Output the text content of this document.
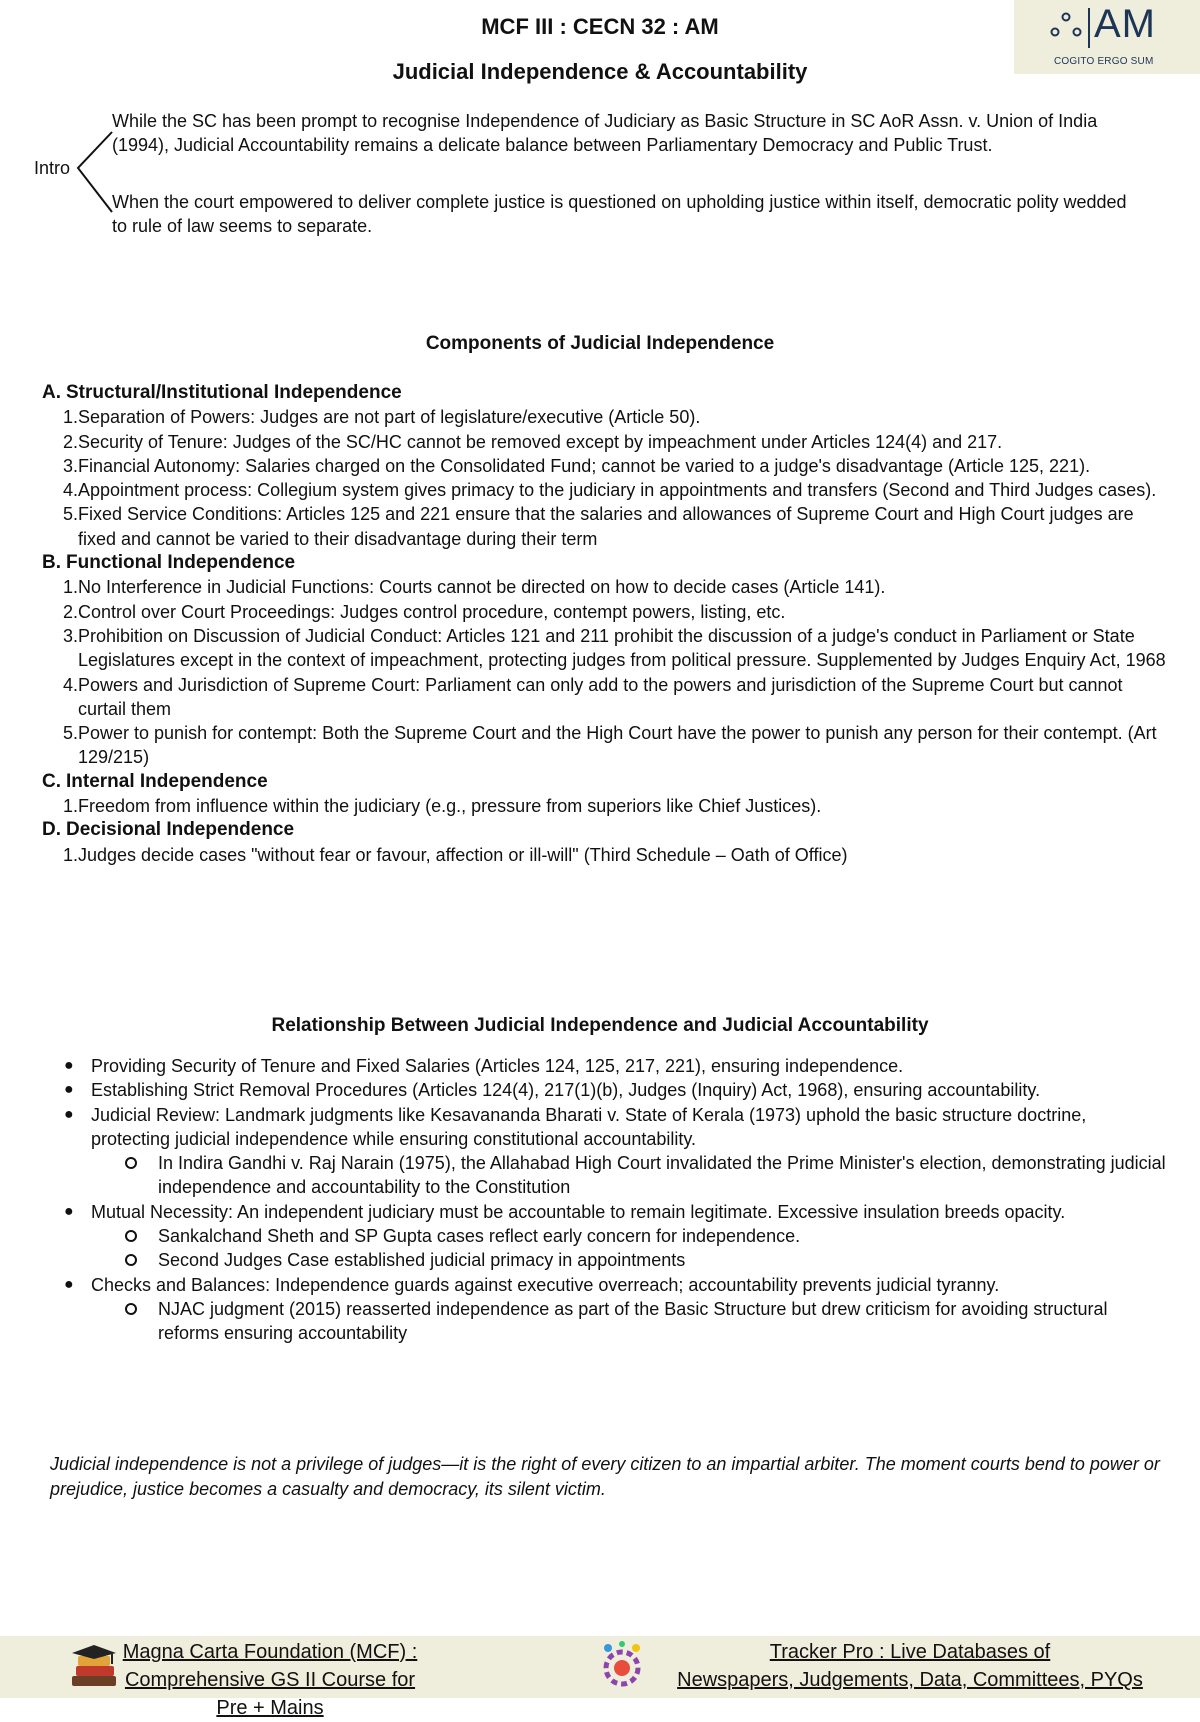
AM
COGITO ERGO SUM
MCF III : CECN 32 : AM
Judicial Independence & Accountability
Intro
While the SC has been prompt to recognise Independence of Judiciary as Basic Structure in SC AoR Assn. v. Union of India (1994), Judicial Accountability remains a delicate balance between Parliamentary Democracy and Public Trust.
When the court empowered to deliver complete justice is questioned on upholding justice within itself, democratic polity wedded to rule of law seems to separate.
Components of Judicial Independence
A. Structural/Institutional Independence
1. Separation of Powers: Judges are not part of legislature/executive (Article 50).
2. Security of Tenure: Judges of the SC/HC cannot be removed except by impeachment under Articles 124(4) and 217.
3. Financial Autonomy: Salaries charged on the Consolidated Fund; cannot be varied to a judge's disadvantage (Article 125, 221).
4. Appointment process: Collegium system gives primacy to the judiciary in appointments and transfers (Second and Third Judges cases).
5. Fixed Service Conditions: Articles 125 and 221 ensure that the salaries and allowances of Supreme Court and High Court judges are fixed and cannot be varied to their disadvantage during their term
B. Functional Independence
1. No Interference in Judicial Functions: Courts cannot be directed on how to decide cases (Article 141).
2. Control over Court Proceedings: Judges control procedure, contempt powers, listing, etc.
3. Prohibition on Discussion of Judicial Conduct: Articles 121 and 211 prohibit the discussion of a judge's conduct in Parliament or State Legislatures except in the context of impeachment, protecting judges from political pressure. Supplemented by Judges Enquiry Act, 1968
4. Powers and Jurisdiction of Supreme Court: Parliament can only add to the powers and jurisdiction of the Supreme Court but cannot curtail them
5. Power to punish for contempt: Both the Supreme Court and the High Court have the power to punish any person for their contempt. (Art 129/215)
C. Internal Independence
1. Freedom from influence within the judiciary (e.g., pressure from superiors like Chief Justices).
D. Decisional Independence
1. Judges decide cases "without fear or favour, affection or ill-will" (Third Schedule – Oath of Office)
Relationship Between Judicial Independence and Judicial Accountability
● Providing Security of Tenure and Fixed Salaries (Articles 124, 125, 217, 221), ensuring independence.
● Establishing Strict Removal Procedures (Articles 124(4), 217(1)(b), Judges (Inquiry) Act, 1968), ensuring accountability.
● Judicial Review: Landmark judgments like Kesavananda Bharati v. State of Kerala (1973) uphold the basic structure doctrine, protecting judicial independence while ensuring constitutional accountability.
In Indira Gandhi v. Raj Narain (1975), the Allahabad High Court invalidated the Prime Minister's election, demonstrating judicial independence and accountability to the Constitution
● Mutual Necessity: An independent judiciary must be accountable to remain legitimate. Excessive insulation breeds opacity.
Sankalchand Sheth and SP Gupta cases reflect early concern for independence.
Second Judges Case established judicial primacy in appointments
● Checks and Balances: Independence guards against executive overreach; accountability prevents judicial tyranny.
NJAC judgment (2015) reasserted independence as part of the Basic Structure but drew criticism for avoiding structural reforms ensuring accountability
Judicial independence is not a privilege of judges—it is the right of every citizen to an impartial arbiter. The moment courts bend to power or prejudice, justice becomes a casualty and democracy, its silent victim.
Magna Carta Foundation (MCF) :
Comprehensive GS II Course for Pre + Mains
Tracker Pro : Live Databases of
Newspapers, Judgements, Data, Committees, PYQs
